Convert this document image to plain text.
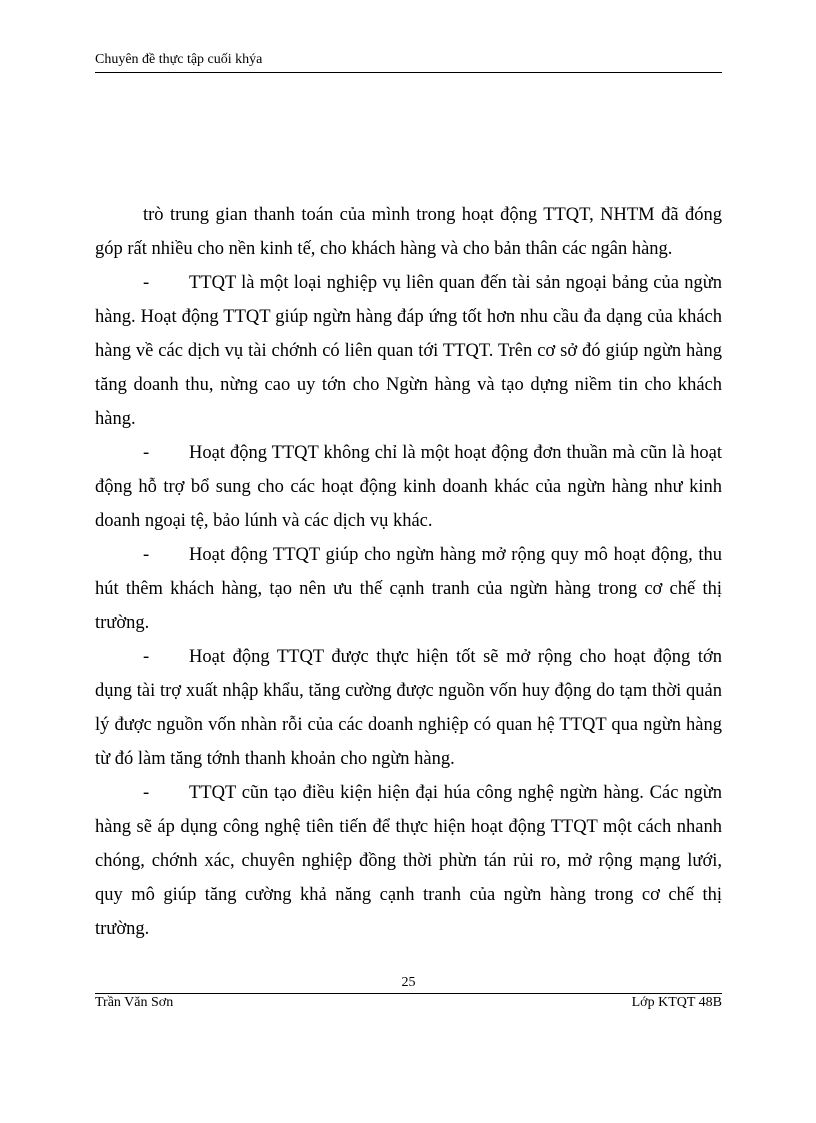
Chuyên đề thực tập cuối khýa

trò trung gian thanh toán của mình trong hoạt động TTQT, NHTM đã đóng góp rất nhiều cho nền kinh tế, cho khách hàng và cho bản thân các ngân hàng.

- TTQT là một loại nghiệp vụ liên quan đến tài sản ngoại bảng của ngừn hàng. Hoạt động TTQT giúp ngừn hàng đáp ứng tốt hơn nhu cầu đa dạng của khách hàng về các dịch vụ tài chớnh có liên quan tới TTQT. Trên cơ sở đó giúp ngừn hàng tăng doanh thu, nừng cao uy tớn cho Ngừn hàng và tạo dựng niềm tin cho khách hàng.

- Hoạt động TTQT không chỉ là một hoạt động đơn thuần mà cũn là hoạt động hỗ trợ bổ sung cho các hoạt động kinh doanh khác của ngừn hàng như kinh doanh ngoại tệ, bảo lúnh và các dịch vụ khác.

- Hoạt động TTQT giúp cho ngừn hàng mở rộng quy mô hoạt động, thu hút thêm khách hàng, tạo nên ưu thế cạnh tranh của ngừn hàng trong cơ chế thị trường.

- Hoạt động TTQT được thực hiện tốt sẽ mở rộng cho hoạt động tớn dụng tài trợ xuất nhập khẩu, tăng cường được nguồn vốn huy động do tạm thời quản lý được nguồn vốn nhàn rỗi của các doanh nghiệp có quan hệ TTQT qua ngừn hàng từ đó làm tăng tớnh thanh khoản cho ngừn hàng.

- TTQT cũn tạo điều kiện hiện đại húa công nghệ ngừn hàng. Các ngừn hàng sẽ áp dụng công nghệ tiên tiến để thực hiện hoạt động TTQT một cách nhanh chóng, chớnh xác, chuyên nghiệp đồng thời phừn tán rủi ro, mở rộng mạng lưới, quy mô giúp tăng cường khả năng cạnh tranh của ngừn hàng trong cơ chế thị trường.

25
Trần Văn Sơn	Lớp KTQT 48B
